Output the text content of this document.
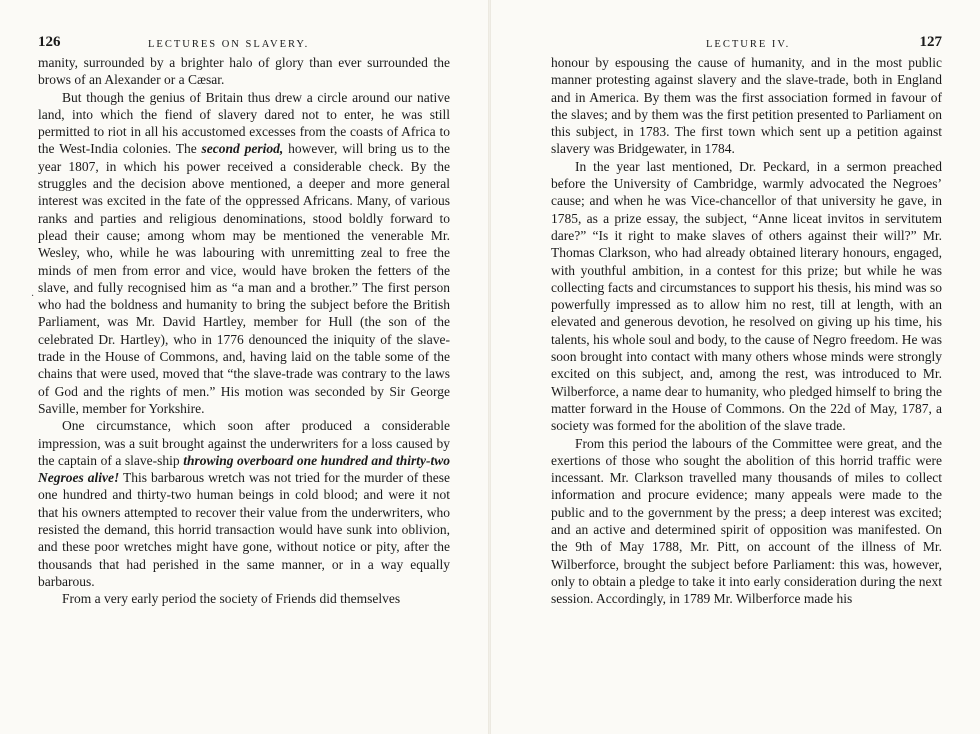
126	LECTURES ON SLAVERY.

manity, surrounded by a brighter halo of glory than ever surrounded the brows of an Alexander or a Cæsar.

But though the genius of Britain thus drew a circle around our native land, into which the fiend of slavery dared not to enter, he was still permitted to riot in all his accustomed excesses from the coasts of Africa to the West-India colonies. The second period, however, will bring us to the year 1807, in which his power received a considerable check. By the struggles and the decision above mentioned, a deeper and more general interest was excited in the fate of the oppressed Africans. Many, of various ranks and parties and religious denominations, stood boldly forward to plead their cause; among whom may be mentioned the venerable Mr. Wesley, who, while he was labouring with unremitting zeal to free the minds of men from error and vice, would have broken the fetters of the slave, and fully recognised him as “a man and a brother.” The first person who had the boldness and humanity to bring the subject before the British Parliament, was Mr. David Hartley, member for Hull (the son of the celebrated Dr. Hartley), who in 1776 denounced the iniquity of the slave-trade in the House of Commons, and, having laid on the table some of the chains that were used, moved that “the slave-trade was contrary to the laws of God and the rights of men.” His motion was seconded by Sir George Saville, member for Yorkshire.

One circumstance, which soon after produced a considerable impression, was a suit brought against the underwriters for a loss caused by the captain of a slave-ship throwing overboard one hundred and thirty-two Negroes alive! This barbarous wretch was not tried for the murder of these one hundred and thirty-two human beings in cold blood; and were it not that his owners attempted to recover their value from the underwriters, who resisted the demand, this horrid transaction would have sunk into oblivion, and these poor wretches might have gone, without notice or pity, after the thousands that had perished in the same manner, or in a way equally barbarous.

From a very early period the society of Friends did themselves

·
LECTURE IV.	127

honour by espousing the cause of humanity, and in the most public manner protesting against slavery and the slave-trade, both in England and in America. By them was the first association formed in favour of the slaves; and by them was the first petition presented to Parliament on this subject, in 1783. The first town which sent up a petition against slavery was Bridgewater, in 1784.

In the year last mentioned, Dr. Peckard, in a sermon preached before the University of Cambridge, warmly advocated the Negroes’ cause; and when he was Vice-chancellor of that university he gave, in 1785, as a prize essay, the subject, “Anne liceat invitos in servitutem dare?” “Is it right to make slaves of others against their will?” Mr. Thomas Clarkson, who had already obtained literary honours, engaged, with youthful ambition, in a contest for this prize; but while he was collecting facts and circumstances to support his thesis, his mind was so powerfully impressed as to allow him no rest, till at length, with an elevated and generous devotion, he resolved on giving up his time, his talents, his whole soul and body, to the cause of Negro freedom. He was soon brought into contact with many others whose minds were strongly excited on this subject, and, among the rest, was introduced to Mr. Wilberforce, a name dear to humanity, who pledged himself to bring the matter forward in the House of Commons. On the 22d of May, 1787, a society was formed for the abolition of the slave trade.

From this period the labours of the Committee were great, and the exertions of those who sought the abolition of this horrid traffic were incessant. Mr. Clarkson travelled many thousands of miles to collect information and procure evidence; many appeals were made to the public and to the government by the press; a deep interest was excited; and an active and determined spirit of opposition was manifested. On the 9th of May 1788, Mr. Pitt, on account of the illness of Mr. Wilberforce, brought the subject before Parliament: this was, however, only to obtain a pledge to take it into early consideration during the next session. Accordingly, in 1789 Mr. Wilberforce made his
